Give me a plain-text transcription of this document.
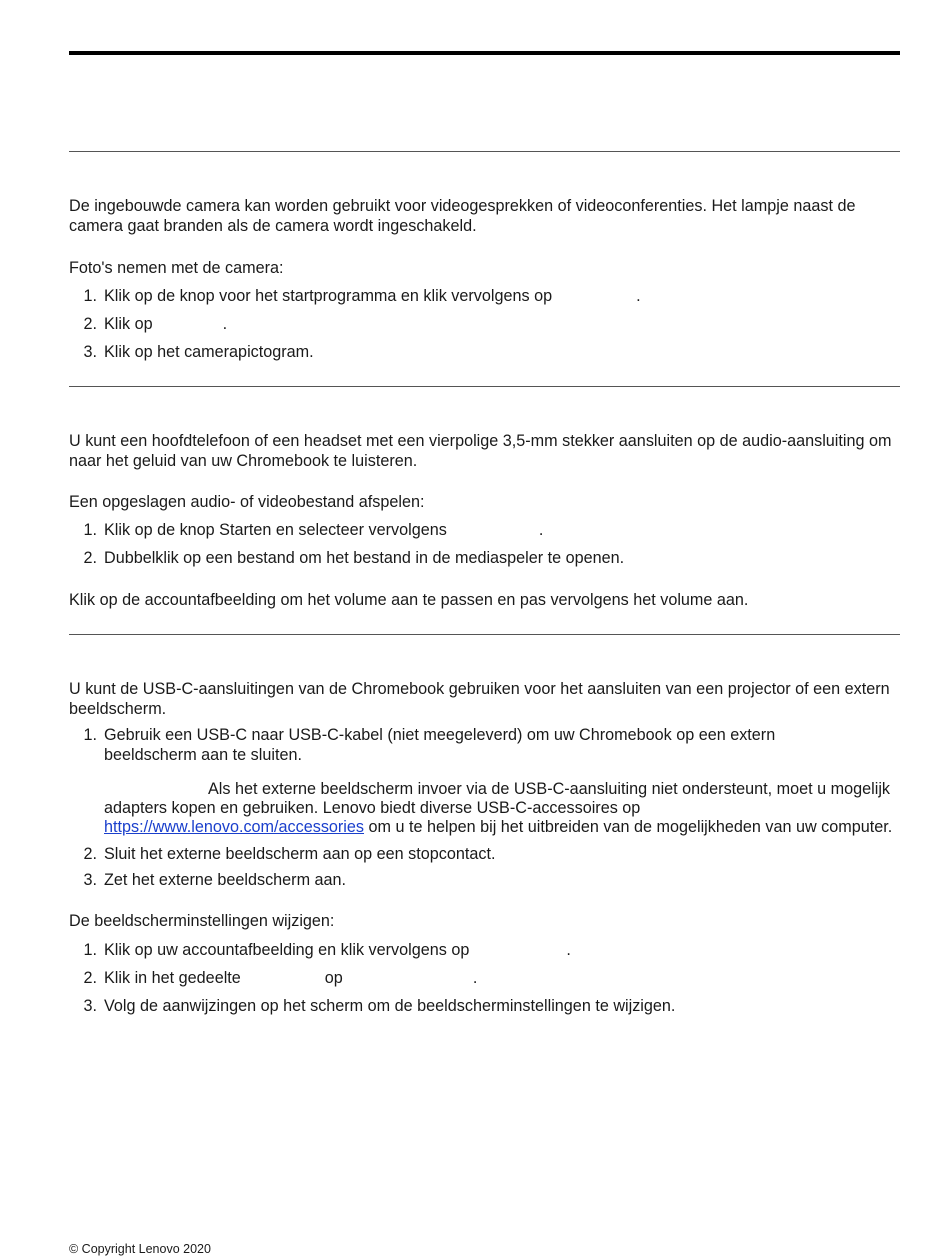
De ingebouwde camera kan worden gebruikt voor videogesprekken of videoconferenties. Het lampje naast de camera gaat branden als de camera wordt ingeschakeld.

Foto's nemen met de camera:

1. Klik op de knop voor het startprogramma en klik vervolgens op	.
2. Klik op	.
3. Klik op het camerapictogram.

U kunt een hoofdtelefoon of een headset met een vierpolige 3,5-mm stekker aansluiten op de audio-aansluiting om naar het geluid van uw Chromebook te luisteren.

Een opgeslagen audio- of videobestand afspelen:

1. Klik op de knop Starten en selecteer vervolgens	.
2. Dubbelklik op een bestand om het bestand in de mediaspeler te openen.

Klik op de accountafbeelding om het volume aan te passen en pas vervolgens het volume aan.

U kunt de USB-C-aansluitingen van de Chromebook gebruiken voor het aansluiten van een projector of een extern beeldscherm.

1. Gebruik een USB-C naar USB-C-kabel (niet meegeleverd) om uw Chromebook op een extern beeldscherm aan te sluiten.
Als het externe beeldscherm invoer via de USB-C-aansluiting niet ondersteunt, moet u mogelijk adapters kopen en gebruiken. Lenovo biedt diverse USB-C-accessoires op https://www.lenovo.com/accessories om u te helpen bij het uitbreiden van de mogelijkheden van uw computer.
2. Sluit het externe beeldscherm aan op een stopcontact.
3. Zet het externe beeldscherm aan.

De beeldscherminstellingen wijzigen:

1. Klik op uw accountafbeelding en klik vervolgens op	.
2. Klik in het gedeelte	op	.
3. Volg de aanwijzingen op het scherm om de beeldscherminstellingen te wijzigen.
© Copyright Lenovo 2020
